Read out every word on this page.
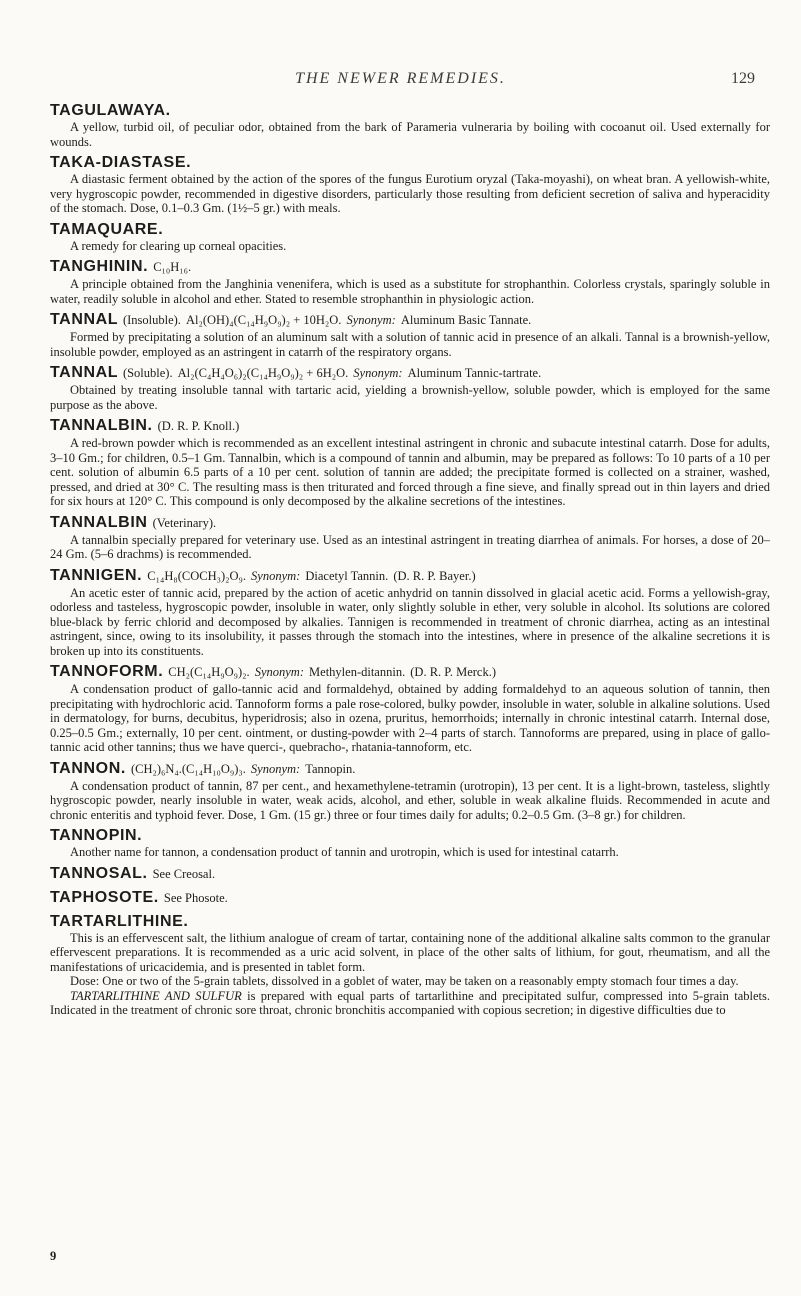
THE NEWER REMEDIES.	129
TAGULAWAYA.

A yellow, turbid oil, of peculiar odor, obtained from the bark of Parameria vulneraria by boiling with cocoanut oil. Used externally for wounds.

TAKA-DIASTASE.

A diastasic ferment obtained by the action of the spores of the fungus Eurotium oryzal (Taka-moyashi), on wheat bran. A yellowish-white, very hygroscopic powder, recommended in digestive disorders, particularly those resulting from deficient secretion of saliva and hyperacidity of the stomach. Dose, 0.1–0.3 Gm. (1½–5 gr.) with meals.

TAMAQUARE.

A remedy for clearing up corneal opacities.

TANGHININ. C₁₀H₁₆.

A principle obtained from the Janghinia venenifera, which is used as a substitute for strophanthin. Colorless crystals, sparingly soluble in water, readily soluble in alcohol and ether. Stated to resemble strophanthin in physiologic action.

TANNAL (Insoluble). Al₂(OH)₄(C₁₄H₉O₉)₂ + 10H₂O. Synonym: Aluminum Basic Tannate.

Formed by precipitating a solution of an aluminum salt with a solution of tannic acid in presence of an alkali. Tannal is a brownish-yellow, insoluble powder, employed as an astringent in catarrh of the respiratory organs.

TANNAL (Soluble). Al₂(C₄H₄O₆)₂(C₁₄H₉O₉)₂ + 6H₂O. Synonym: Aluminum Tannic-tartrate.

Obtained by treating insoluble tannal with tartaric acid, yielding a brownish-yellow, soluble powder, which is employed for the same purpose as the above.

TANNALBIN. (D. R. P. Knoll.)

A red-brown powder which is recommended as an excellent intestinal astringent in chronic and subacute intestinal catarrh. Dose for adults, 3–10 Gm.; for children, 0.5–1 Gm. Tannalbin, which is a compound of tannin and albumin, may be prepared as follows: To 10 parts of a 10 per cent. solution of albumin 6.5 parts of a 10 per cent. solution of tannin are added; the precipitate formed is collected on a strainer, washed, pressed, and dried at 30° C. The resulting mass is then triturated and forced through a fine sieve, and finally spread out in thin layers and dried for six hours at 120° C. This compound is only decomposed by the alkaline secretions of the intestines.

TANNALBIN (Veterinary).

A tannalbin specially prepared for veterinary use. Used as an intestinal astringent in treating diarrhea of animals. For horses, a dose of 20–24 Gm. (5–6 drachms) is recommended.

TANNIGEN. C₁₄H₈(COCH₃)₂O₉. Synonym: Diacetyl Tannin. (D. R. P. Bayer.)

An acetic ester of tannic acid, prepared by the action of acetic anhydrid on tannin dissolved in glacial acetic acid. Forms a yellowish-gray, odorless and tasteless, hygroscopic powder, insoluble in water, only slightly soluble in ether, very soluble in alcohol. Its solutions are colored blue-black by ferric chlorid and decomposed by alkalies. Tannigen is recommended in treatment of chronic diarrhea, acting as an intestinal astringent, since, owing to its insolubility, it passes through the stomach into the intestines, where in presence of the alkaline secretions it is broken up into its constituents.

TANNOFORM. CH₂(C₁₄H₉O₉)₂. Synonym: Methylen-ditannin. (D. R. P. Merck.)

A condensation product of gallo-tannic acid and formaldehyd, obtained by adding formaldehyd to an aqueous solution of tannin, then precipitating with hydrochloric acid. Tannoform forms a pale rose-colored, bulky powder, insoluble in water, soluble in alkaline solutions. Used in dermatology, for burns, decubitus, hyperidrosis; also in ozena, pruritus, hemorrhoids; internally in chronic intestinal catarrh. Internal dose, 0.25–0.5 Gm.; externally, 10 per cent. ointment, or dusting-powder with 2–4 parts of starch. Tannoforms are prepared, using in place of gallo-tannic acid other tannins; thus we have querci-, quebracho-, rhatania-tannoform, etc.

TANNON. (CH₂)₆N₄.(C₁₄H₁₀O₉)₃. Synonym: Tannopin.

A condensation product of tannin, 87 per cent., and hexamethylene-tetramin (urotropin), 13 per cent. It is a light-brown, tasteless, slightly hygroscopic powder, nearly insoluble in water, weak acids, alcohol, and ether, soluble in weak alkaline fluids. Recommended in acute and chronic enteritis and typhoid fever. Dose, 1 Gm. (15 gr.) three or four times daily for adults; 0.2–0.5 Gm. (3–8 gr.) for children.

TANNOPIN.

Another name for tannon, a condensation product of tannin and urotropin, which is used for intestinal catarrh.

TANNOSAL. See Creosal.
TAPHOSOTE. See Phosote.
TARTARLITHINE.

This is an effervescent salt, the lithium analogue of cream of tartar, containing none of the additional alkaline salts common to the granular effervescent preparations. It is recommended as a uric acid solvent, in place of the other salts of lithium, for gout, rheumatism, and all the manifestations of uricacidemia, and is presented in tablet form.

Dose: One or two of the 5-grain tablets, dissolved in a goblet of water, may be taken on a reasonably empty stomach four times a day.

TARTARLITHINE AND SULFUR is prepared with equal parts of tartarlithine and precipitated sulfur, compressed into 5-grain tablets. Indicated in the treatment of chronic sore throat, chronic bronchitis accompanied with copious secretion; in digestive difficulties due to

9
